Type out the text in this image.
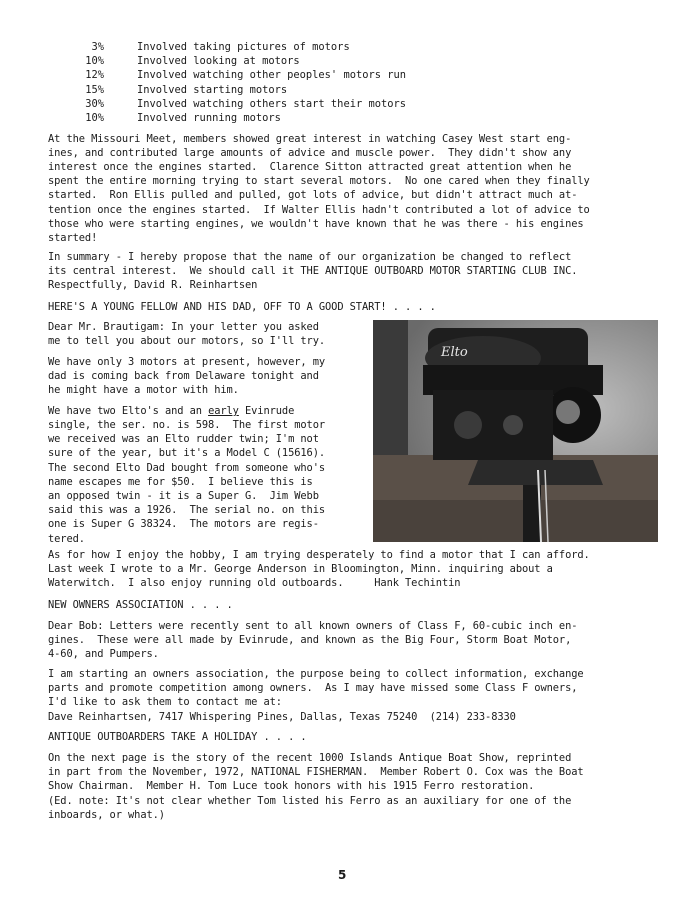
3%	Involved taking pictures of motors
10%	Involved looking at motors
12%	Involved watching other peoples' motors run
15%	Involved starting motors
30%	Involved watching others start their motors
10%	Involved running motors
At the Missouri Meet, members showed great interest in watching Casey West start eng-
ines, and contributed large amounts of advice and muscle power.  They didn't show any
interest once the engines started.  Clarence Sitton attracted great attention when he
spent the entire morning trying to start several motors.  No one cared when they finally
started.  Ron Ellis pulled and pulled, got lots of advice, but didn't attract much at-
tention once the engines started.  If Walter Ellis hadn't contributed a lot of advice to
those who were starting engines, we wouldn't have known that he was there - his engines
started!
In summary - I hereby propose that the name of our organization be changed to reflect
its central interest.  We should call it THE ANTIQUE OUTBOARD MOTOR STARTING CLUB INC.
Respectfully, David R. Reinhartsen
HERE'S A YOUNG FELLOW AND HIS DAD, OFF TO A GOOD START! . . . .
Dear Mr. Brautigam: In your letter you asked
me to tell you about our motors, so I'll try.
We have only 3 motors at present, however, my
dad is coming back from Delaware tonight and
he might have a motor with him.
We have two Elto's and an early Evinrude
single, the ser. no. is 598.  The first motor
we received was an Elto rudder twin; I'm not
sure of the year, but it's a Model C (15616).
The second Elto Dad bought from someone who's
name escapes me for $50.  I believe this is
an opposed twin - it is a Super G.  Jim Webb
said this was a 1926.  The serial no. on this
one is Super G 38324.  The motors are regis-
tered.
Elto
As for how I enjoy the hobby, I am trying desperately to find a motor that I can afford.
Last week I wrote to a Mr. George Anderson in Bloomington, Minn. inquiring about a
Waterwitch.  I also enjoy running old outboards.     Hank Techintin
NEW OWNERS ASSOCIATION . . . .
Dear Bob: Letters were recently sent to all known owners of Class F, 60-cubic inch en-
gines.  These were all made by Evinrude, and known as the Big Four, Storm Boat Motor,
4-60, and Pumpers.
I am starting an owners association, the purpose being to collect information, exchange
parts and promote competition among owners.  As I may have missed some Class F owners,
I'd like to ask them to contact me at:
Dave Reinhartsen, 7417 Whispering Pines, Dallas, Texas 75240  (214) 233-8330
ANTIQUE OUTBOARDERS TAKE A HOLIDAY . . . .
On the next page is the story of the recent 1000 Islands Antique Boat Show, reprinted
in part from the November, 1972, NATIONAL FISHERMAN.  Member Robert O. Cox was the Boat
Show Chairman.  Member H. Tom Luce took honors with his 1915 Ferro restoration.
(Ed. note: It's not clear whether Tom listed his Ferro as an auxiliary for one of the
inboards, or what.)
5
